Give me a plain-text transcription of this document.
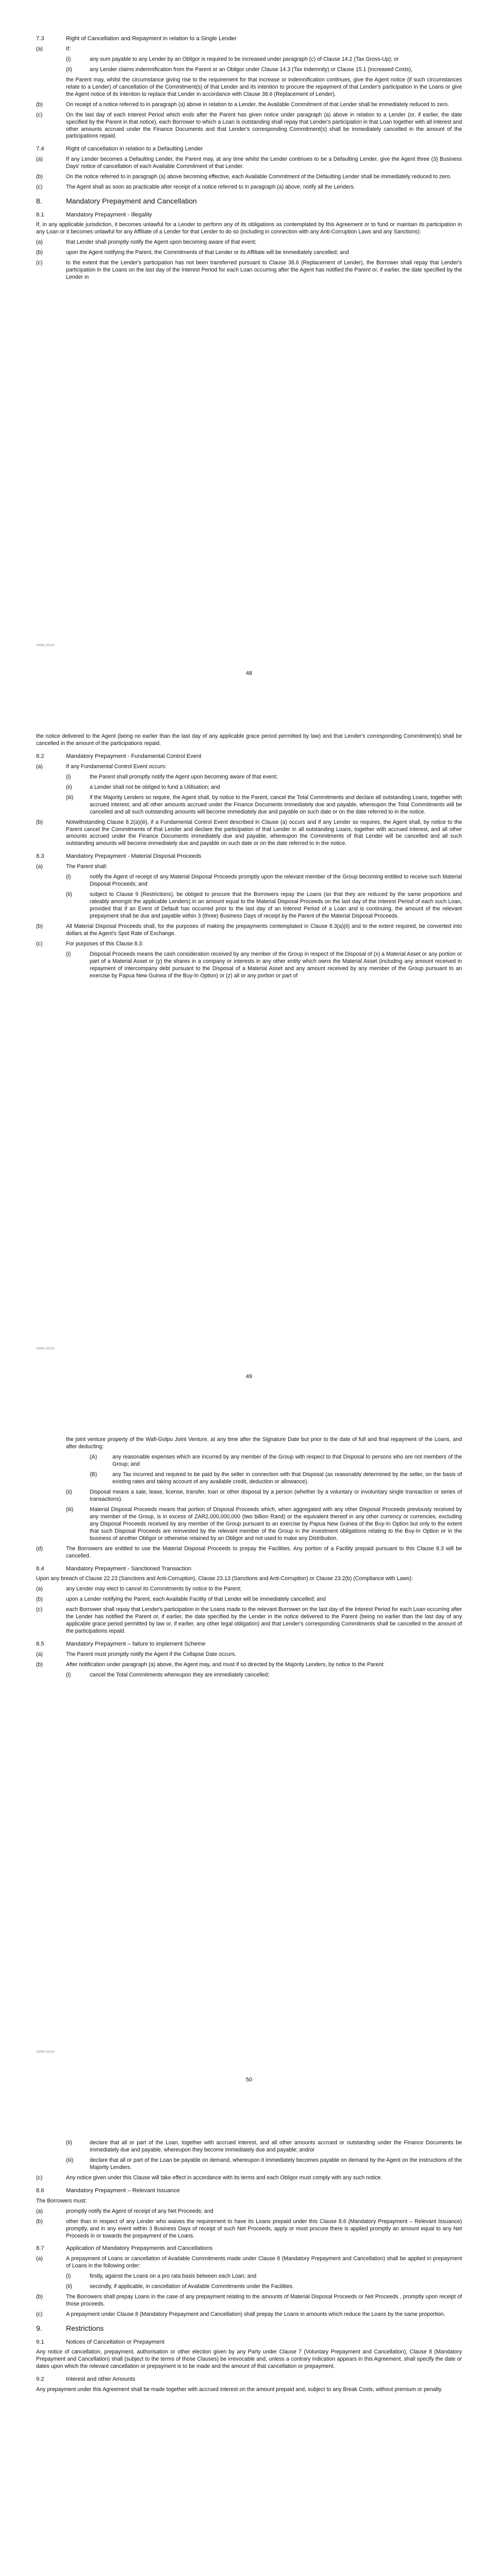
7.3	Right of Cancellation and Repayment in relation to a Single Lender
(a)	If:
(i)	any sum payable to any Lender by an Obligor is required to be increased under paragraph (c) of Clause 14.2 (Tax Gross-Up); or
(ii)	any Lender claims indemnification from the Parent or an Obligor under Clause 14.3 (Tax Indemnity) or Clause 15.1 (Increased Costs),
the Parent may, whilst the circumstance giving rise to the requirement for that increase or indemnification continues, give the Agent notice (if such circumstances relate to a Lender) of cancellation of the Commitment(s) of that Lender and its intention to procure the repayment of that Lender's participation in the Loans or give the Agent notice of its intention to replace that Lender in accordance with Clause 38.6 (Replacement of Lender).
(b)	On receipt of a notice referred to in paragraph (a) above in relation to a Lender, the Available Commitment of that Lender shall be immediately reduced to zero.
(c)	On the last day of each Interest Period which ends after the Parent has given notice under paragraph (a) above in relation to a Lender (or, if earlier, the date specified by the Parent in that notice), each Borrower to which a Loan is outstanding shall repay that Lender's participation in that Loan together with all interest and other amounts accrued under the Finance Documents and that Lender's corresponding Commitment(s) shall be immediately cancelled in the amount of the participations repaid.
7.4	Right of cancellation in relation to a Defaulting Lender
(a)	If any Lender becomes a Defaulting Lender, the Parent may, at any time whilst the Lender continues to be a Defaulting Lender, give the Agent three (3) Business Days' notice of cancellation of each Available Commitment of that Lender.
(b)	On the notice referred to in paragraph (a) above becoming effective, each Available Commitment of the Defaulting Lender shall be immediately reduced to zero.
(c)	The Agent shall as soon as practicable after receipt of a notice referred to in paragraph (a) above, notify all the Lenders.
8.	Mandatory Prepayment and Cancellation
8.1	Mandatory Prepayment - Illegality
If, in any applicable jurisdiction, it becomes unlawful for a Lender to perform any of its obligations as contemplated by this Agreement or to fund or maintain its participation in any Loan or it becomes unlawful for any Affiliate of a Lender for that Lender to do so (including in connection with any Anti-Corruption Laws and any Sanctions):
(a)	that Lender shall promptly notify the Agent upon becoming aware of that event;
(b)	upon the Agent notifying the Parent, the Commitments of that Lender or its Affiliate will be immediately cancelled; and
(c)	to the extent that the Lender's participation has not been transferred pursuant to Clause 38.6 (Replacement of Lender), the Borrower shall repay that Lender's participation in the Loans on the last day of the Interest Period for each Loan occurring after the Agent has notified the Parent or, if earlier, the date specified by the Lender in
120505_021120
48
the notice delivered to the Agent (being no earlier than the last day of any applicable grace period permitted by law) and that Lender's corresponding Commitment(s) shall be cancelled in the amount of the participations repaid.
8.2	Mandatory Prepayment - Fundamental Control Event
(a)	If any Fundamental Control Event occurs:
(i)	the Parent shall promptly notify the Agent upon becoming aware of that event;
(ii)	a Lender shall not be obliged to fund a Utilisation; and
(iii)	if the Majority Lenders so require, the Agent shall, by notice to the Parent, cancel the Total Commitments and declare all outstanding Loans, together with accrued interest, and all other amounts accrued under the Finance Documents immediately due and payable, whereupon the Total Commitments will be cancelled and all such outstanding amounts will become immediately due and payable on such date or on the date referred to in the notice.
(b)	Notwithstanding Clause 8.2(a)(iii), if a Fundamental Control Event described in Clause (a) occurs and if any Lender so requires, the Agent shall, by notice to the Parent cancel the Commitments of that Lender and declare the participation of that Lender in all outstanding Loans, together with accrued interest, and all other amounts accrued under the Finance Documents immediately due and payable, whereupon the Commitments of that Lender will be cancelled and all such outstanding amounts will become immediately due and payable on such date or on the date referred to in the notice.
8.3	Mandatory Prepayment - Material Disposal Proceeds
(a)	The Parent shall:
(i)	notify the Agent of receipt of any Material Disposal Proceeds promptly upon the relevant member of the Group becoming entitled to receive such Material Disposal Proceeds; and
(ii)	subject to Clause 9 (Restrictions), be obliged to procure that the Borrowers repay the Loans (so that they are reduced by the same proportions and rateably amongst the applicable Lenders) in an amount equal to the Material Disposal Proceeds on the last day of the Interest Period of each such Loan, provided that if an Event of Default has occurred prior to the last day of an Interest Period of a Loan and is continuing, the amount of the relevant prepayment shall be due and payable within 3 (three) Business Days of receipt by the Parent of the Material Disposal Proceeds.
(b)	All Material Disposal Proceeds shall, for the purposes of making the prepayments contemplated in Clause 8.3(a)(ii) and to the extent required, be converted into dollars at the Agent's Spot Rate of Exchange.
(c)	For purposes of this Clause 8.3:
(i)	Disposal Proceeds means the cash consideration received by any member of the Group in respect of the Disposal of (x) a Material Asset or any portion or part of a Material Asset or (y) the shares in a company or interests in any other entity which owns the Material Asset (including any amount received in repayment of intercompany debt pursuant to the Disposal of a Material Asset and any amount received by any member of the Group pursuant to an exercise by Papua New Guinea of the Buy-In Option) or (z) all or any portion or part of
120505_021120
49
the joint venture property of the Wafi-Golpu Joint Venture, at any time after the Signature Date but prior to the date of full and final repayment of the Loans, and after deducting:
(A)	any reasonable expenses which are incurred by any member of the Group with respect to that Disposal to persons who are not members of the Group; and
(B)	any Tax incurred and required to be paid by the seller in connection with that Disposal (as reasonably determined by the seller, on the basis of existing rates and taking account of any available credit, deduction or allowance).
(ii)	Disposal means a sale, lease, license, transfer, loan or other disposal by a person (whether by a voluntary or involuntary single transaction or series of transactions).
(iii)	Material Disposal Proceeds means that portion of Disposal Proceeds which, when aggregated with any other Disposal Proceeds previously received by any member of the Group, is in excess of ZAR2,000,000,000 (two billion Rand) or the equivalent thereof in any other currency or currencies, excluding any Disposal Proceeds received by any member of the Group pursuant to an exercise by Papua New Guinea of the Buy-In Option but only to the extent that such Disposal Proceeds are reinvested by the relevant member of the Group in the investment obligations relating to the Buy-In Option or in the business of another Obligor or otherwise retained by an Obligor and not used to make any Distribution.
(d)	The Borrowers are entitled to use the Material Disposal Proceeds to prepay the Facilities. Any portion of a Facility prepaid pursuant to this Clause 8.3 will be cancelled.
8.4	Mandatory Prepayment - Sanctioned Transaction
Upon any breach of Clause 22.23 (Sanctions and Anti-Corruption), Clause 23.13 (Sanctions and Anti-Corruption) or Clause 23.2(b) (Compliance with Laws):
(a)	any Lender may elect to cancel its Commitments by notice to the Parent;
(b)	upon a Lender notifying the Parent, each Available Facility of that Lender will be immediately cancelled; and
(c)	each Borrower shall repay that Lender's participation in the Loans made to the relevant Borrower on the last day of the Interest Period for each Loan occurring after the Lender has notified the Parent or, if earlier, the date specified by the Lender in the notice delivered to the Parent (being no earlier than the last day of any applicable grace period permitted by law or, if earlier, any other legal obligation) and that Lender's corresponding Commitments shall be cancelled in the amount of the participations repaid.
8.5	Mandatory Prepayment – failure to implement Scheme
(a)	The Parent must promptly notify the Agent if the Collapse Date occurs.
(b)	After notification under paragraph (a) above, the Agent may, and must if so directed by the Majority Lenders, by notice to the Parent:
(i)	cancel the Total Commitments whereupon they are immediately cancelled;
120505_021120
50
(ii)	declare that all or part of the Loan, together with accrued interest, and all other amounts accrued or outstanding under the Finance Documents be immediately due and payable, whereupon they become immediately due and payable; and/or
(iii)	declare that all or part of the Loan be payable on demand, whereupon it immediately becomes payable on demand by the Agent on the instructions of the Majority Lenders.
(c)	Any notice given under this Clause will take effect in accordance with its terms and each Obligor must comply with any such notice.
8.6	Mandatory Prepayment – Relevant Issuance
The Borrowers must:
(a)	promptly notify the Agent of receipt of any Net Proceeds; and
(b)	other than in respect of any Lender who waives the requirement to have its Loans prepaid under this Clause 8.6 (Mandatory Prepayment – Relevant Issuance) promptly, and in any event within 3 Business Days of receipt of such Net Proceeds, apply or must procure there is applied promptly an amount equal to any Net Proceeds in or towards the prepayment of the Loans.
8.7	Application of Mandatory Prepayments and Cancellations
(a)	A prepayment of Loans or cancellation of Available Commitments made under Clause 8 (Mandatory Prepayment and Cancellation) shall be applied in prepayment of Loans in the following order:
(i)	firstly, against the Loans on a pro rata basis between each Loan; and
(ii)	secondly, if applicable, in cancellation of Available Commitments under the Facilities.
(b)	The Borrowers shall prepay Loans in the case of any prepayment relating to the amounts of Material Disposal Proceeds or Net Proceeds , promptly upon receipt of those proceeds.
(c)	A prepayment under Clause 8 (Mandatory Prepayment and Cancellation) shall prepay the Loans in amounts which reduce the Loans by the same proportion.
9.	Restrictions
9.1	Notices of Cancellation or Prepayment
Any notice of cancellation, prepayment, authorisation or other election given by any Party under Clause 7 (Voluntary Prepayment and Cancellation), Clause 8 (Mandatory Prepayment and Cancellation) shall (subject to the terms of those Clauses) be irrevocable and, unless a contrary indication appears in this Agreement, shall specify the date or dates upon which the relevant cancellation or prepayment is to be made and the amount of that cancellation or prepayment.
9.2	Interest and other Amounts
Any prepayment under this Agreement shall be made together with accrued interest on the amount prepaid and, subject to any Break Costs, without premium or penalty.
